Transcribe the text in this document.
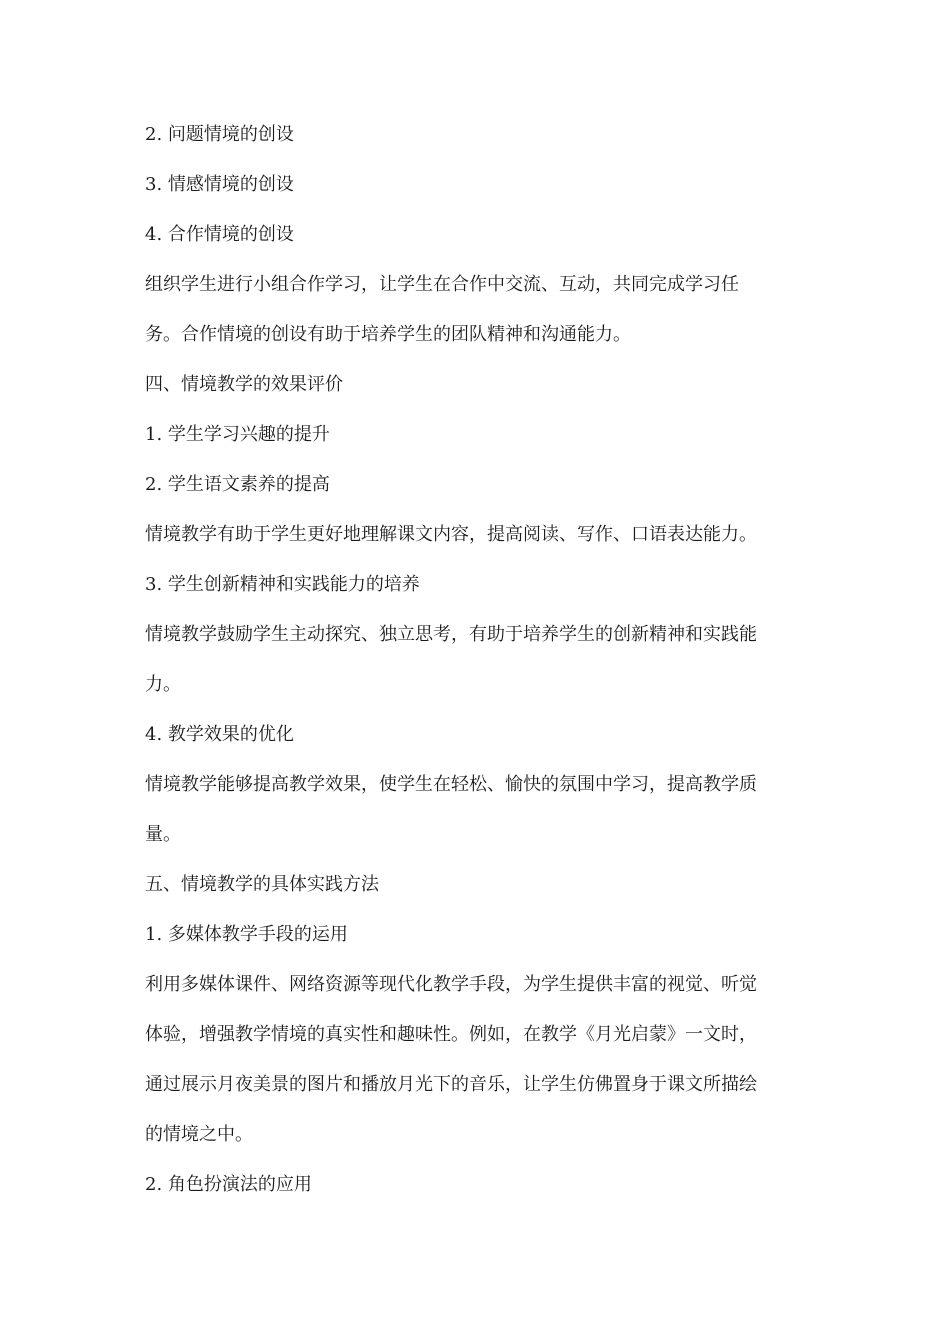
2. 问题情境的创设

3. 情感情境的创设

4. 合作情境的创设

组织学生进行小组合作学习，让学生在合作中交流、互动，共同完成学习任

务。合作情境的创设有助于培养学生的团队精神和沟通能力。

四、情境教学的效果评价

1. 学生学习兴趣的提升

2. 学生语文素养的提高

情境教学有助于学生更好地理解课文内容，提高阅读、写作、口语表达能力。

3. 学生创新精神和实践能力的培养

情境教学鼓励学生主动探究、独立思考，有助于培养学生的创新精神和实践能

力。

4. 教学效果的优化

情境教学能够提高教学效果，使学生在轻松、愉快的氛围中学习，提高教学质

量。

五、情境教学的具体实践方法

1. 多媒体教学手段的运用

利用多媒体课件、网络资源等现代化教学手段，为学生提供丰富的视觉、听觉

体验，增强教学情境的真实性和趣味性。例如，在教学《月光启蒙》一文时，

通过展示月夜美景的图片和播放月光下的音乐，让学生仿佛置身于课文所描绘

的情境之中。

2. 角色扮演法的应用
